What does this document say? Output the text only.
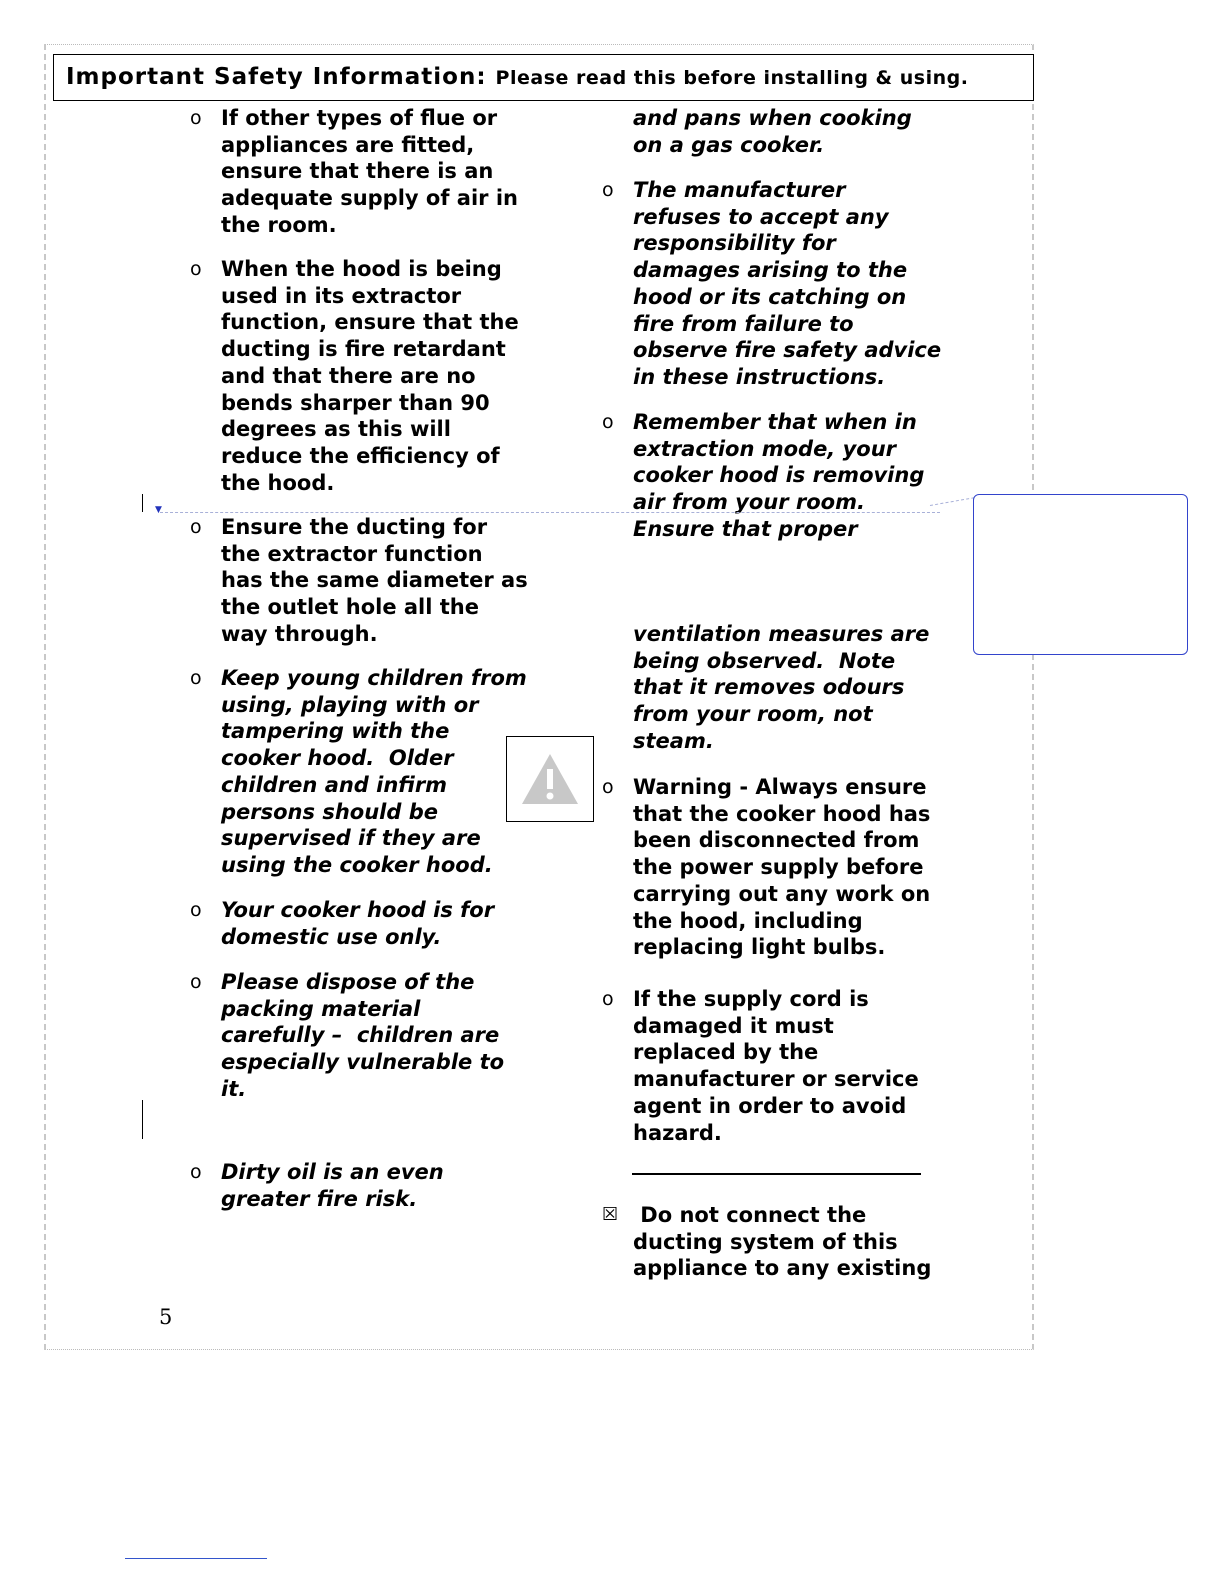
Important Safety Information: Please read this before installing & using.
o If other types of flue or
appliances are fitted,
ensure that there is an
adequate supply of air in
the room.
o When the hood is being
used in its extractor
function, ensure that the
ducting is fire retardant
and that there are no
bends sharper than 90
degrees as this will
reduce the efficiency of
the hood.
o Ensure the ducting for
the extractor function
has the same diameter as
the outlet hole all the
way through.
o Keep young children from
using, playing with or
tampering with the
cooker hood.  Older
children and infirm
persons should be
supervised if they are
using the cooker hood.
o Your cooker hood is for
domestic use only.
o Please dispose of the
packing material
carefully –  children are
especially vulnerable to
it.
o Dirty oil is an even
greater fire risk.
o The manufacturer
refuses to accept any
responsibility for
damages arising to the
hood or its catching on
fire from failure to
observe fire safety advice
in these instructions.
o Remember that when in
extraction mode, your
cooker hood is removing
air from your room.
Ensure that proper
o Warning - Always ensure
that the cooker hood has
been disconnected from
the power supply before
carrying out any work on
the hood, including
replacing light bulbs.
o If the supply cord is
damaged it must
replaced by the
manufacturer or service
agent in order to avoid
hazard.
and pans when cooking
on a gas cooker.
ventilation measures are
being observed.  Note
that it removes odours
from your room, not
steam.
Do not connect the
ducting system of this
appliance to any existing
☒
5
▼
